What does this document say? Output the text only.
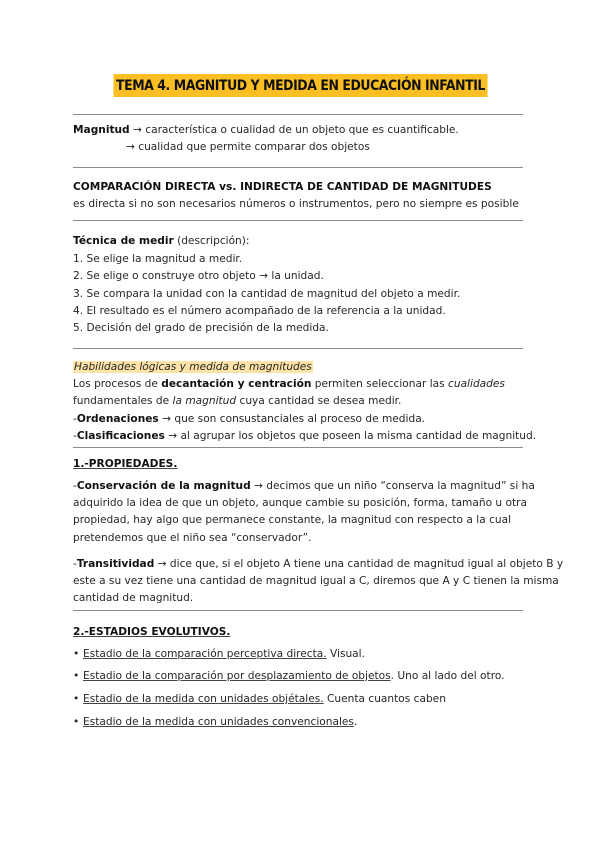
TEMA 4. MAGNITUD Y MEDIDA EN EDUCACIÓN INFANTIL
Magnitud → característica o cualidad de un objeto que es cuantificable.
→ cualidad que permite comparar dos objetos
COMPARACIÓN DIRECTA vs. INDIRECTA DE CANTIDAD DE MAGNITUDES
es directa si no son necesarios números o instrumentos, pero no siempre es posible
Técnica de medir (descripción):
1. Se elige la magnitud a medir.
2. Se elige o construye otro objeto → la unidad.
3. Se compara la unidad con la cantidad de magnitud del objeto a medir.
4. El resultado es el número acompañado de la referencia a la unidad.
5. Decisión del grado de precisión de la medida.
Habilidades lógicas y medida de magnitudes
Los procesos de decantación y centración permiten seleccionar las cualidades
fundamentales de la magnitud cuya cantidad se desea medir.
-Ordenaciones → que son consustanciales al proceso de medida.
-Clasificaciones → al agrupar los objetos que poseen la misma cantidad de magnitud.
1.-PROPIEDADES.
-Conservación de la magnitud → decimos que un niño “conserva la magnitud” si ha
adquirido la idea de que un objeto, aunque cambie su posición, forma, tamaño u otra
propiedad, hay algo que permanece constante, la magnitud con respecto a la cual
pretendemos que el niño sea “conservador”.
-Transitividad → dice que, si el objeto A tiene una cantidad de magnitud igual al objeto B y
este a su vez tiene una cantidad de magnitud igual a C, diremos que A y C tienen la misma
cantidad de magnitud.
2.-ESTADIOS EVOLUTIVOS.
• Estadio de la comparación perceptiva directa. Visual.
• Estadio de la comparación por desplazamiento de objetos. Uno al lado del otro.
• Estadio de la medida con unidades objétales. Cuenta cuantos caben
• Estadio de la medida con unidades convencionales.
